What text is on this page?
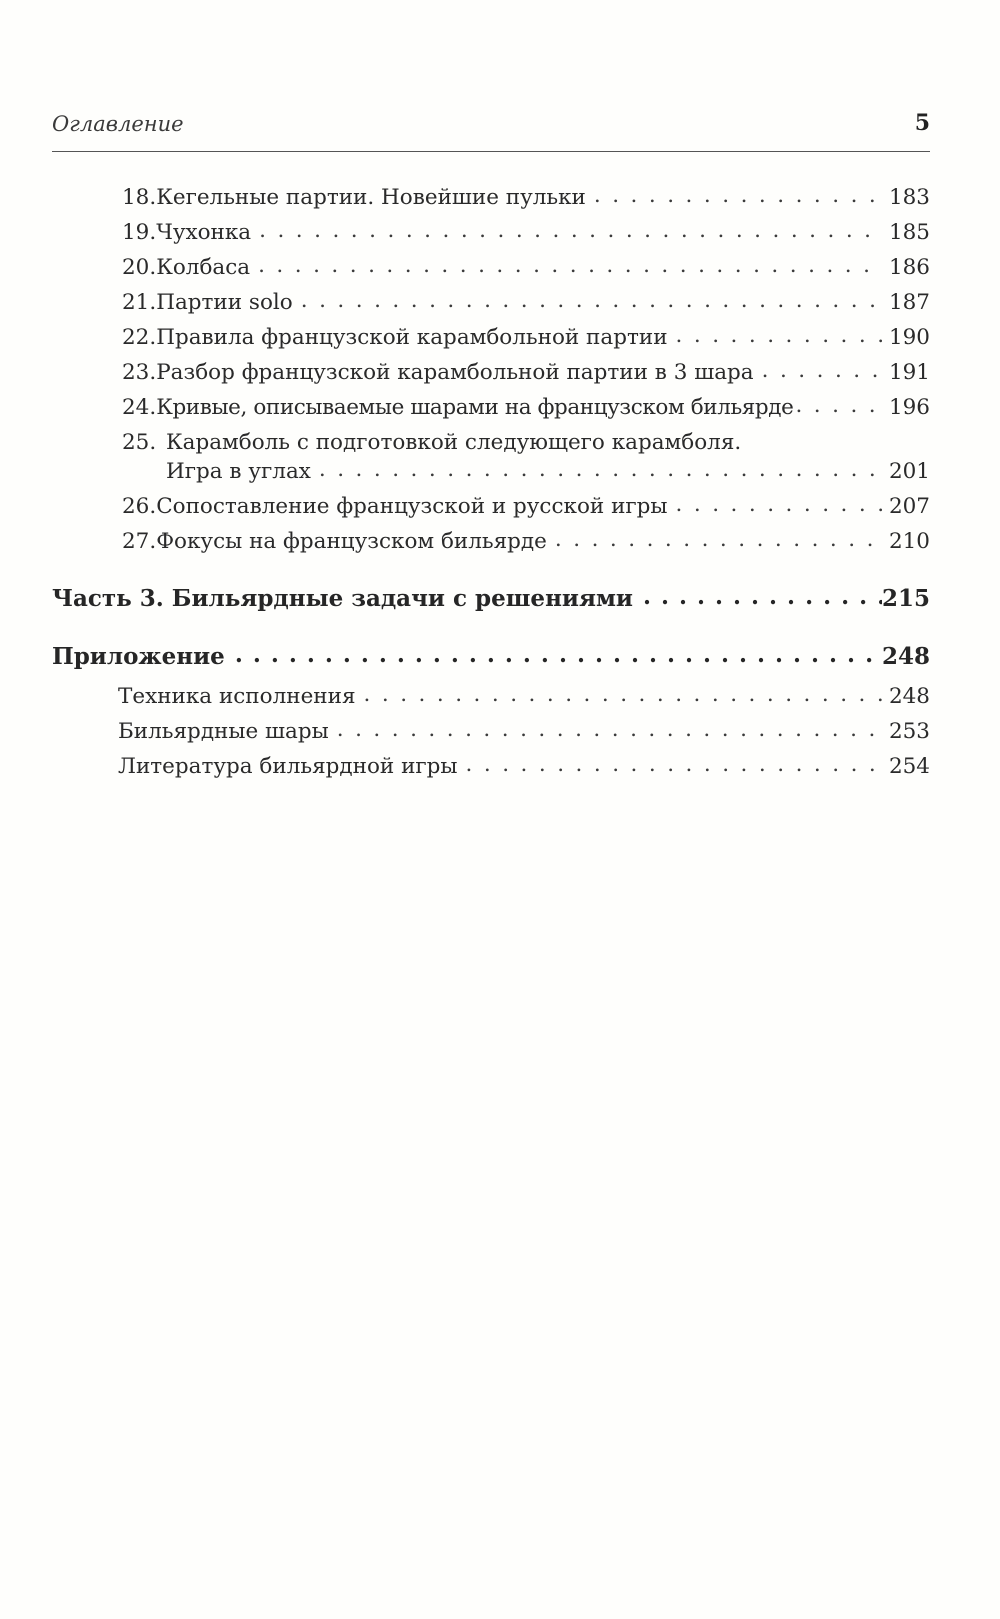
Оглавление	5
18. Кегельные партии. Новейшие пульки .....	183
19. Чухонка .....	185
20. Колбаса .....	186
21. Партии solo .....	187
22. Правила французской карамбольной партии .....	190
23. Разбор французской карамбольной партии в 3 шара .....	191
24. Кривые, описываемые шарами на французском бильярде .....	196
25. Карамболь с подготовкой следующего карамболя.
Игра в углах .....	201
26. Сопоставление французской и русской игры .....	207
27. Фокусы на французском бильярде .....	210
Часть 3. Бильярдные задачи с решениями .....	215
Приложение .....	248
Техника исполнения .....	248
Бильярдные шары .....	253
Литература бильярдной игры .....	254
